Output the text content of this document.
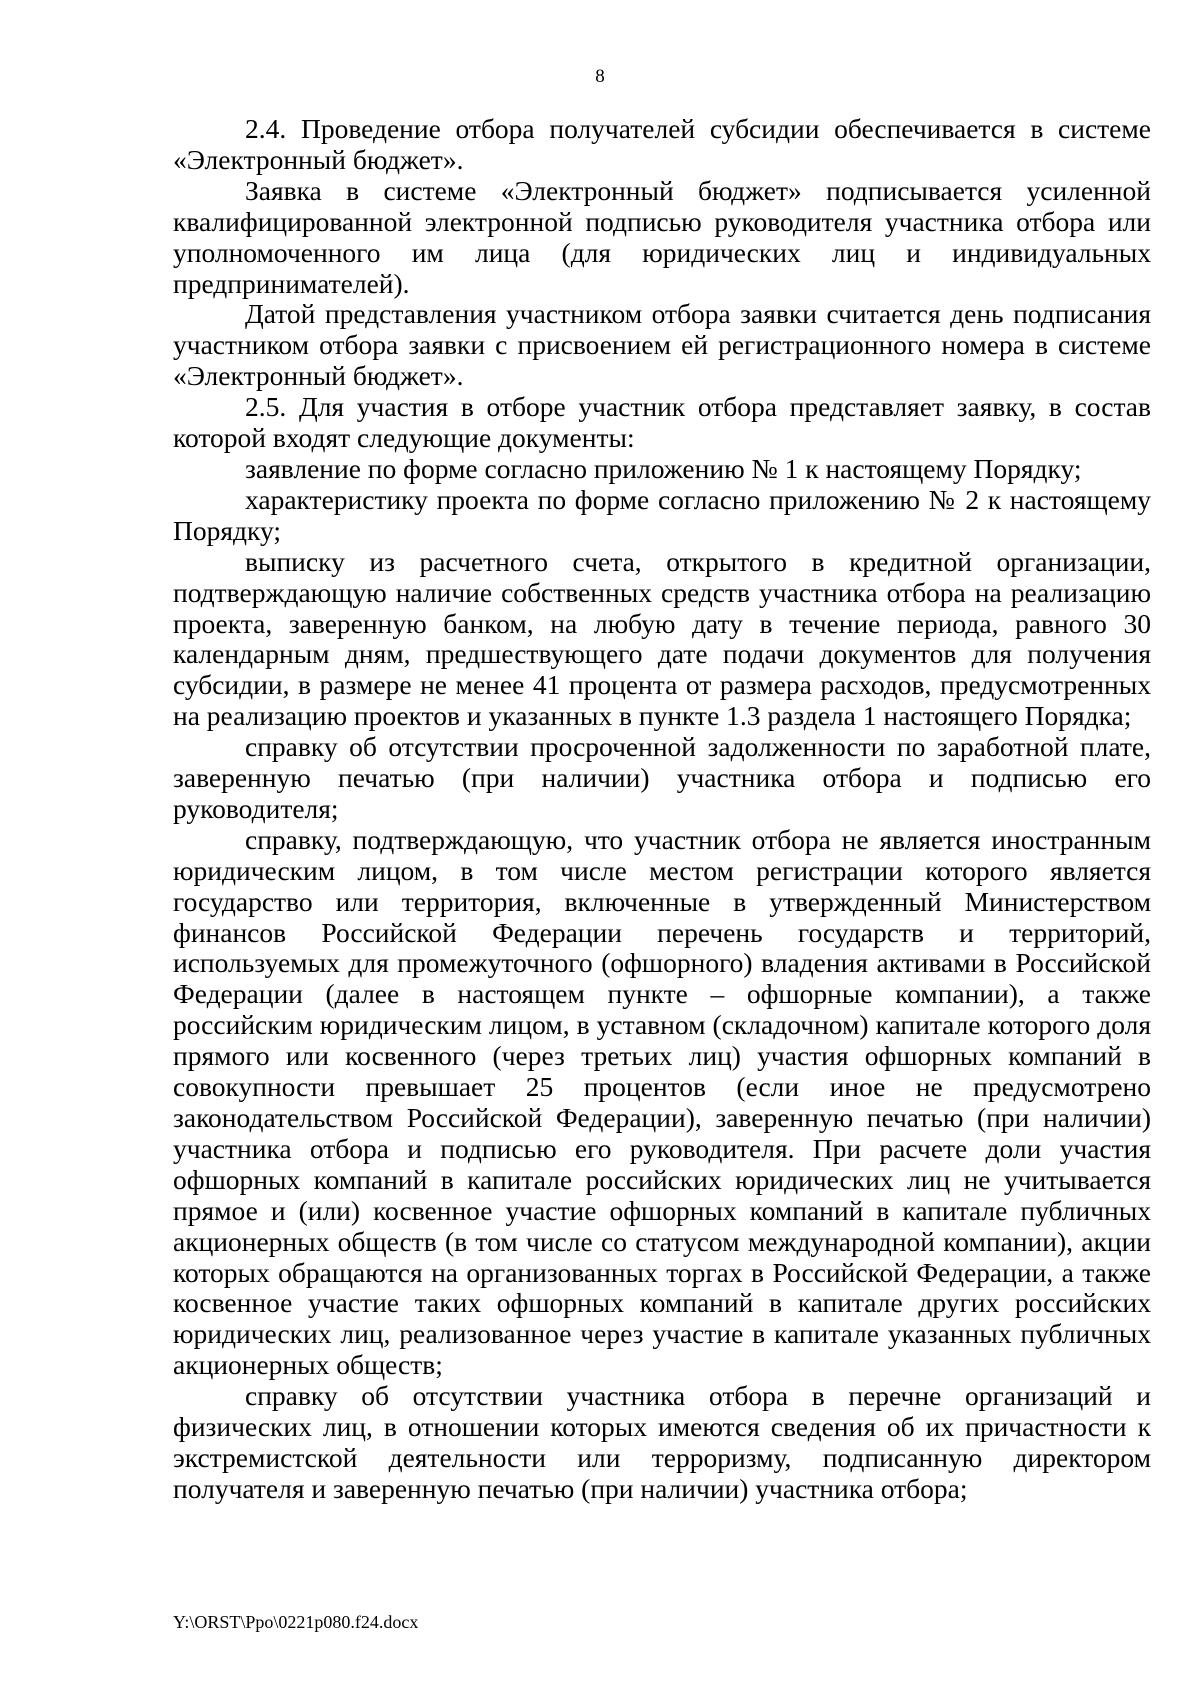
8

2.4. Проведение отбора получателей субсидии обеспечивается в системе «Электронный бюджет».

Заявка в системе «Электронный бюджет» подписывается усиленной квалифицированной электронной подписью руководителя участника отбора или уполномоченного им лица (для юридических лиц и индивидуальных предпринимателей).

Датой представления участником отбора заявки считается день подписания участником отбора заявки с присвоением ей регистрационного номера в системе «Электронный бюджет».

2.5. Для участия в отборе участник отбора представляет заявку, в состав которой входят следующие документы:

заявление по форме согласно приложению № 1 к настоящему Порядку;

характеристику проекта по форме согласно приложению № 2 к настоящему Порядку;

выписку из расчетного счета, открытого в кредитной организации, подтверждающую наличие собственных средств участника отбора на реализацию проекта, заверенную банком, на любую дату в течение периода, равного 30 календарным дням, предшествующего дате подачи документов для получения субсидии, в размере не менее 41 процента от размера расходов, предусмотренных на реализацию проектов и указанных в пункте 1.3 раздела 1 настоящего Порядка;

справку об отсутствии просроченной задолженности по заработной плате, заверенную печатью (при наличии) участника отбора и подписью его руководителя;

справку, подтверждающую, что участник отбора не является иностранным юридическим лицом, в том числе местом регистрации которого является государство или территория, включенные в утвержденный Министерством финансов Российской Федерации перечень государств и территорий, используемых для промежуточного (офшорного) владения активами в Российской Федерации (далее в настоящем пункте – офшорные компании), а также российским юридическим лицом, в уставном (складочном) капитале которого доля прямого или косвенного (через третьих лиц) участия офшорных компаний в совокупности превышает 25 процентов (если иное не предусмотрено законодательством Российской Федерации), заверенную печатью (при наличии) участника отбора и подписью его руководителя. При расчете доли участия офшорных компаний в капитале российских юридических лиц не учитывается прямое и (или) косвенное участие офшорных компаний в капитале публичных акционерных обществ (в том числе со статусом международной компании), акции которых обращаются на организованных торгах в Российской Федерации, а также косвенное участие таких офшорных компаний в капитале других российских юридических лиц, реализованное через участие в капитале указанных публичных акционерных обществ;

справку об отсутствии участника отбора в перечне организаций и физических лиц, в отношении которых имеются сведения об их причастности к экстремистской деятельности или терроризму, подписанную директором получателя и заверенную печатью (при наличии) участника отбора;

Y:\ORST\Ppo\0221p080.f24.docx
